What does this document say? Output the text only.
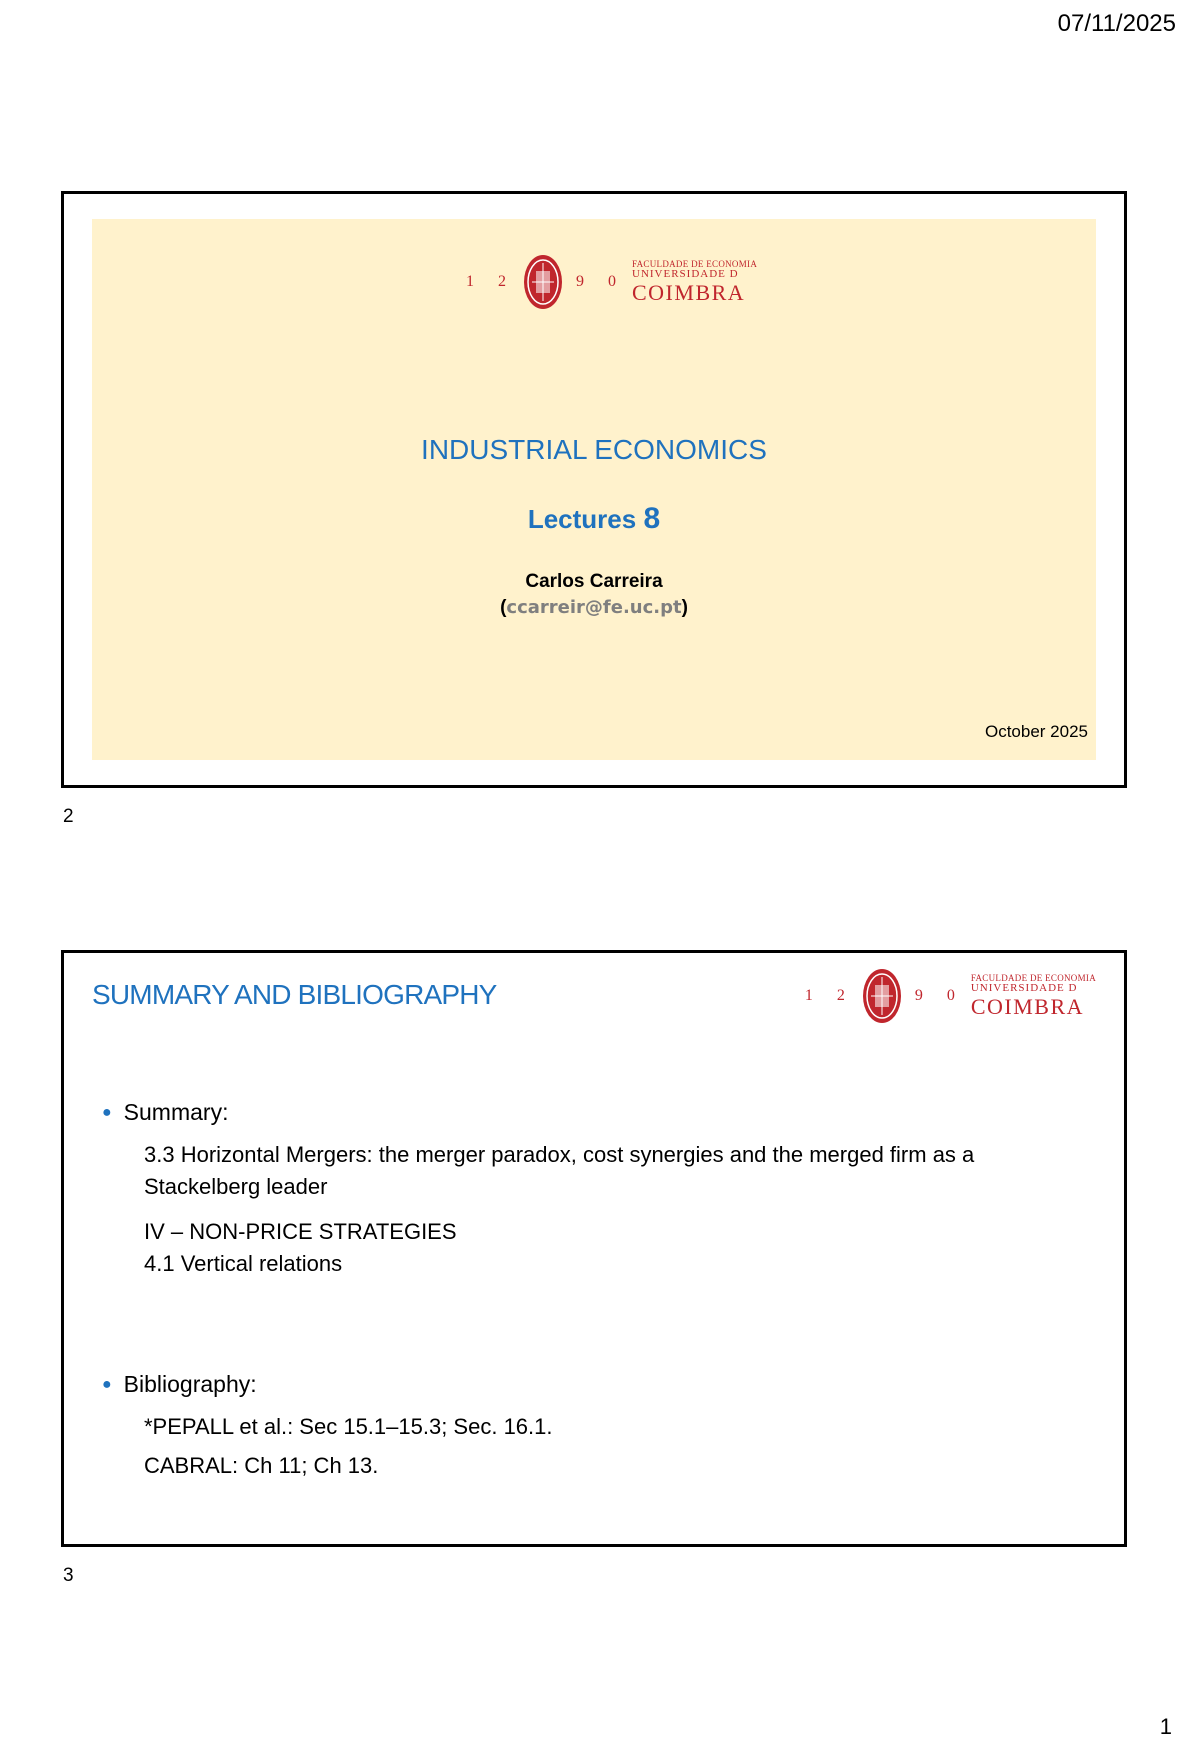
07/11/2025
1 2	9 0
FACULDADE DE ECONOMIA
UNIVERSIDADE D
COIMBRA
INDUSTRIAL ECONOMICS
Lectures 8
Carlos Carreira
(ccarreir@fe.uc.pt)
October 2025
2
SUMMARY AND BIBLIOGRAPHY	1 2	9 0
FACULDADE DE ECONOMIA
UNIVERSIDADE D
COIMBRA
● Summary:
3.3 Horizontal Mergers: the merger paradox, cost synergies and the merged firm as a Stackelberg leader
IV – NON-PRICE STRATEGIES
4.1 Vertical relations
● Bibliography:
*PEPALL et al.: Sec 15.1–15.3; Sec. 16.1.
CABRAL: Ch 11; Ch 13.
3
1
